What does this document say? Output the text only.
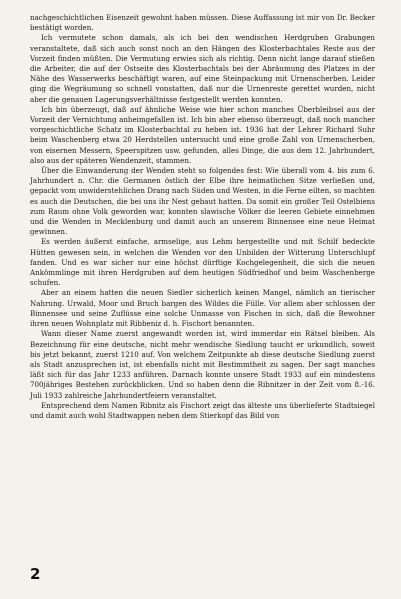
nachgeschichtlichen Eisenzeit gewohnt haben müssen. Diese Auffassung ist mir von Dr. Becker bestätigt worden.

Ich vermutete schon damals, als ich bei den wendischen Herdgruben Grabungen veranstaltete, daß sich auch sonst noch an den Hängen des Klosterbachtales Reste aus der Vorzeit finden müßten. Die Vermutung erwies sich als richtig. Denn nicht lange darauf stießen die Arbeiter, die auf der Ostseite des Klosterbachtals bei der Abräumung des Platzes in der Nähe des Wasserwerks beschäftigt waren, auf eine Steinpackung mit Urnenscherben. Leider ging die Wegräumung so schnell vonstatten, daß nur die Urnenreste gerettet wurden, nicht aber die genauen Lagerungsverhältnisse festgestellt werden konnten.

Ich bin überzeugt, daß auf ähnliche Weise wie hier schon manches Überbleibsel aus der Vorzeit der Vernichtung anheimgefallen ist. Ich bin aber ebenso überzeugt, daß noch mancher vorgeschichtliche Schatz im Klosterbachtal zu heben ist. 1936 hat der Lehrer Richard Suhr beim Waschenberg etwa 20 Herdstellen untersucht und eine große Zahl von Urnenscherben, von eisernen Messern, Speerspitzen usw. gefunden, alles Dinge, die aus dem 12. Jahrhundert, also aus der späteren Wendenzeit, stammen.

Über die Einwanderung der Wenden steht so folgendes fest: Wie überall vom 4. bis zum 6. Jahrhundert n. Chr. die Germanen östlich der Elbe ihre heimatlichen Sitze verließen und, gepackt vom unwiderstehlichen Drang nach Süden und Westen, in die Ferne eilten, so machten es auch die Deutschen, die bei uns ihr Nest gebaut hatten. Da somit ein großer Teil Ostelbiens zum Raum ohne Volk geworden war, konnten slawische Völker die leeren Gebiete einnehmen und die Wenden in Mecklenburg und damit auch an unserem Binnensee eine neue Heimat gewinnen.

Es werden äußerst einfache, armselige, aus Lehm hergestellte und mit Schilf bedeckte Hütten gewesen sein, in welchen die Wenden vor den Unbilden der Witterung Unterschlupf fanden. Und es war sicher nur eine höchst dürftige Kochgelegenheit, die sich die neuen Ankömmlinge mit ihren Herdgruben auf dem heutigen Südfriedhof und beim Waschenberge schufen.

Aber an einem hatten die neuen Siedler sicherlich keinen Mangel, nämlich an tierischer Nahrung. Urwald, Moor und Bruch bargen des Wildes die Fülle. Vor allem aber schlossen der Binnensee und seine Zuflüsse eine solche Unmasse von Fischen in sich, daß die Bewohner ihren neuen Wohnplatz mit Ribbeniz d. h. Fischort benannten.

Wann dieser Name zuerst angewandt worden ist, wird immerdar ein Rätsel bleiben. Als Bezeichnung für eine deutsche, nicht mehr wendische Siedlung taucht er urkundlich, soweit bis jetzt bekannt, zuerst 1210 auf. Von welchem Zeitpunkte ab diese deutsche Siedlung zuerst als Stadt anzusprechen ist, ist ebenfalls nicht mit Bestimmtheit zu sagen. Der sagt manches läßt sich für das Jahr 1233 anführen. Darnach konnte unsere Stadt 1933 auf ein mindestens 700jähriges Bestehen zurückblicken. Und so haben denn die Ribnitzer in der Zeit vom 8.-16. Juli 1933 zahlreiche Jahrhundertfeiern veranstaltet.

Entsprechend dem Namen Ribnitz als Fischort zeigt das älteste uns überlieferte Stadtsiegel und damit auch wohl Stadtwappen neben dem Stierkopf das Bild von

2
